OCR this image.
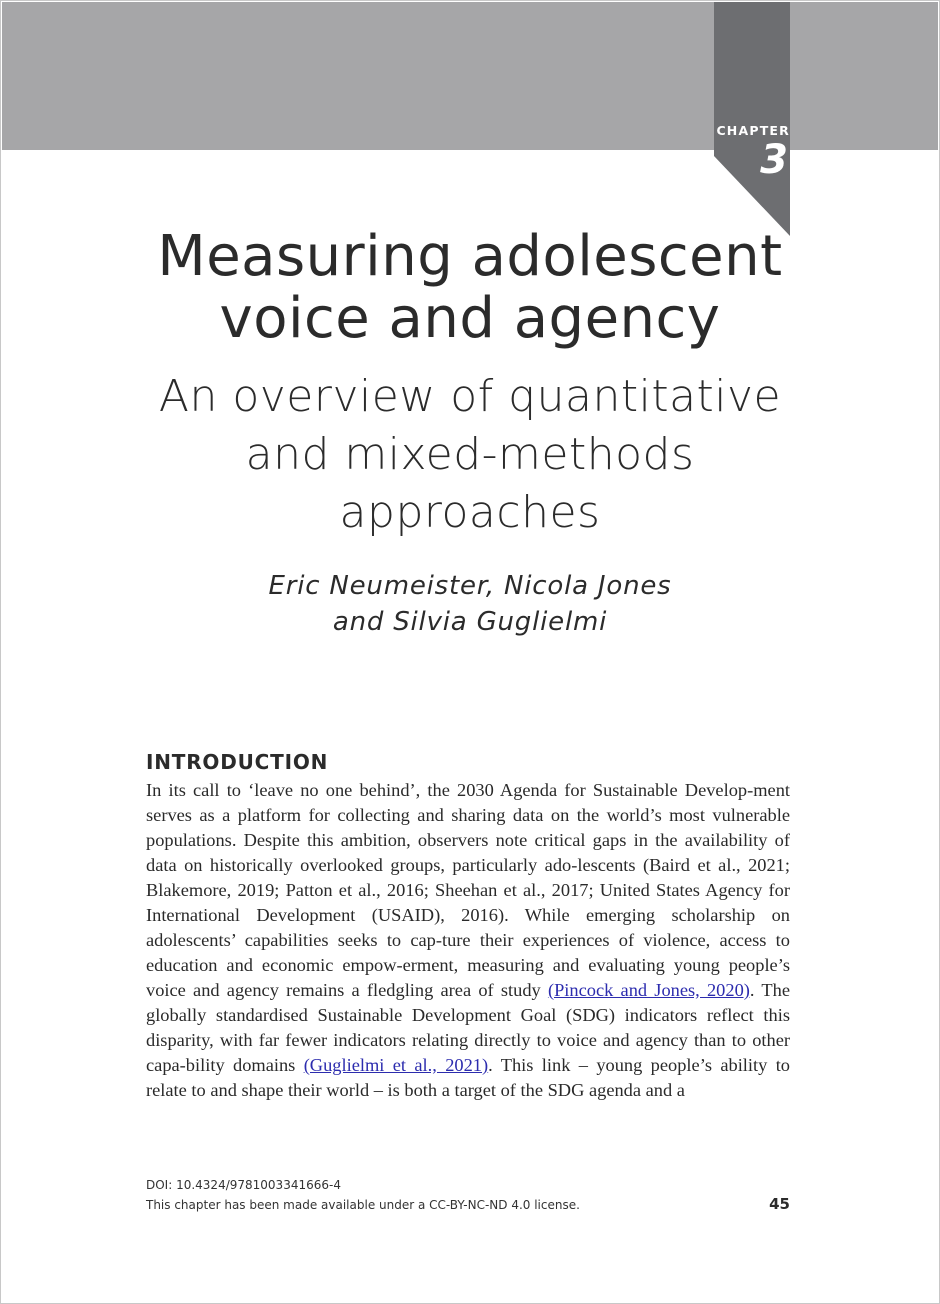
CHAPTER
3
Measuring adolescent
voice and agency
An overview of quantitative
and mixed-methods
approaches
Eric Neumeister, Nicola Jones
and Silvia Guglielmi
INTRODUCTION

In its call to ‘leave no one behind’, the 2030 Agenda for Sustainable Develop-ment serves as a platform for collecting and sharing data on the world’s most vulnerable populations. Despite this ambition, observers note critical gaps in the availability of data on historically overlooked groups, particularly ado-lescents (Baird et al., 2021; Blakemore, 2019; Patton et al., 2016; Sheehan et al., 2017; United States Agency for International Development (USAID), 2016). While emerging scholarship on adolescents’ capabilities seeks to cap-ture their experiences of violence, access to education and economic empow-erment, measuring and evaluating young people’s voice and agency remains a fledgling area of study (Pincock and Jones, 2020). The globally standardised Sustainable Development Goal (SDG) indicators reflect this disparity, with far fewer indicators relating directly to voice and agency than to other capa-bility domains (Guglielmi et al., 2021). This link – young people’s ability to relate to and shape their world – is both a target of the SDG agenda and a

DOI: 10.4324/9781003341666-4
This chapter has been made available under a CC-BY-NC-ND 4.0 license.	45
